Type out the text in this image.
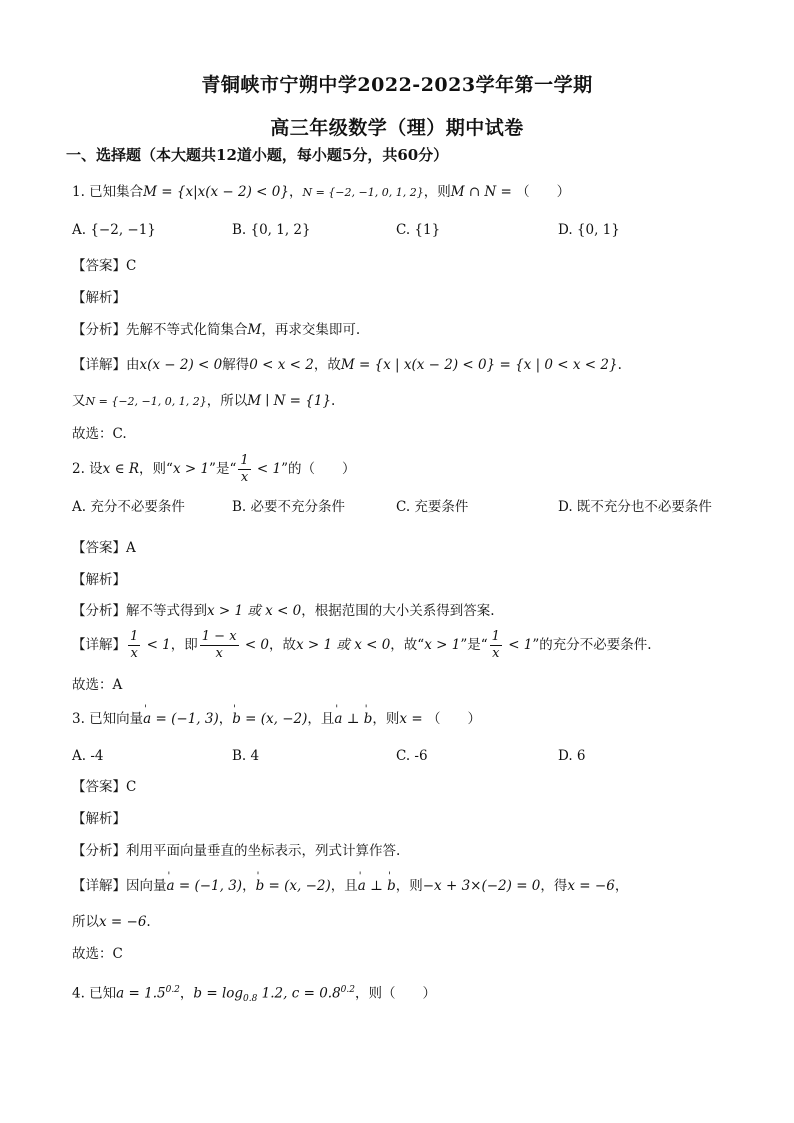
青铜峡市宁朔中学2022-2023学年第一学期
高三年级数学（理）期中试卷
一、选择题（本大题共12道小题，每小题5分，共60分）
1. 已知集合M = {x|x(x − 2) < 0}，N = {−2, −1, 0, 1, 2}，则M ∩ N = （　　）
A. {−2, −1}	B. {0, 1, 2}	C. {1}	D. {0, 1}
【答案】C
【解析】
【分析】先解不等式化简集合M，再求交集即可.
【详解】由x(x − 2) < 0解得0 < x < 2，故M = {x | x(x − 2) < 0} = {x | 0 < x < 2}.
又N = {−2, −1, 0, 1, 2}，所以M ∣ N = {1}.
故选：C.
2. 设x ∈ R，则“x > 1”是“ $\frac{1}{x} < 1$”的（　　）
A. 充分不必要条件	B. 必要不充分条件	C. 充要条件	D. 既不充分也不必要条件
【答案】A
【解析】
【分析】解不等式得到x > 1 或 x < 0，根据范围的大小关系得到答案.
【详解】 $\frac{1}{x} < 1$，即 $\frac{1 - x}{x} < 0$，故x > 1 或 x < 0，故“x > 1”是“ $\frac{1}{x} < 1$”的充分不必要条件.
故选：A
3. 已知向量' a = (−1, 3)，' b = (x, −2)，且' a ⊥ ' b，则x = （　　）
A. -4	B. 4	C. -6	D. 6
【答案】C
【解析】
【分析】利用平面向量垂直的坐标表示，列式计算作答.
【详解】因向量' a = (−1, 3)，' b = (x, −2)，且' a ⊥ ' b，则−x + 3×(−2) = 0，得x = −6，
所以x = −6.
故选：C
4. 已知$a = 1.5^{0.2}$，$b = \log_{0.8} 1.2$, $c = 0.8^{0.2}$，则（　　）
